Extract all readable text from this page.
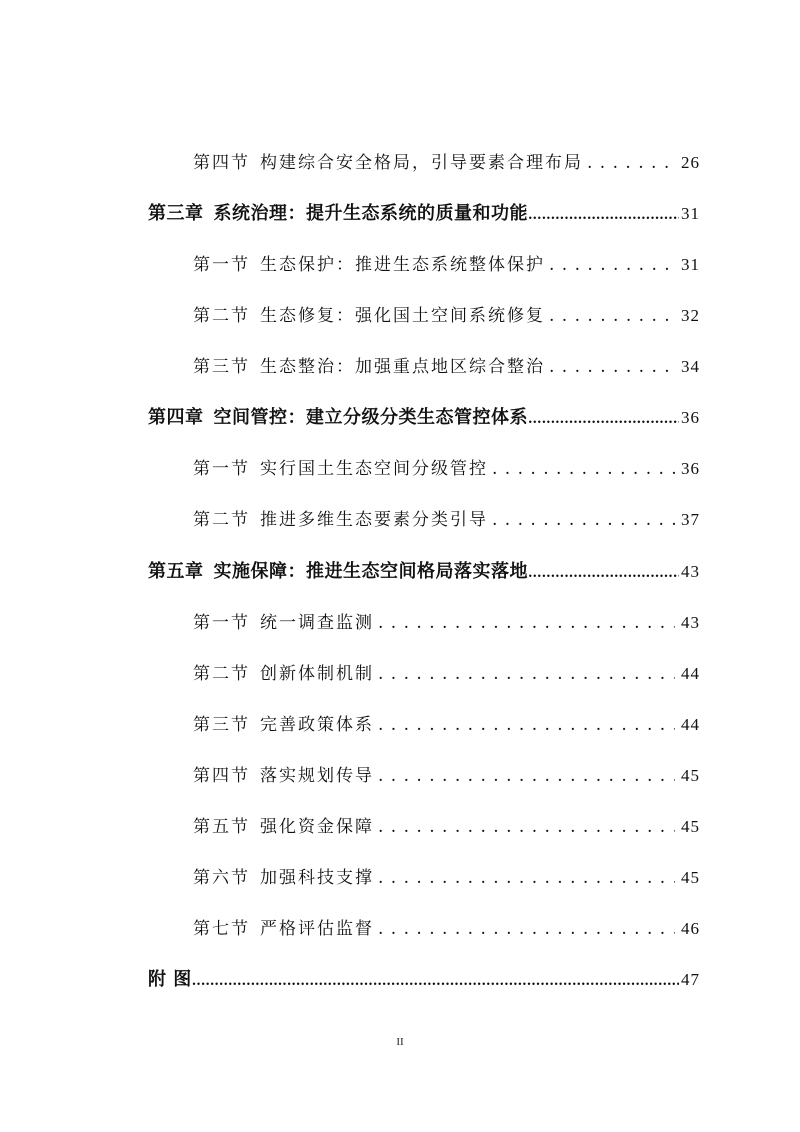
第四节 构建综合安全格局，引导要素合理布局 . . .	26
第三章 系统治理：提升生态系统的质量和功能 .....	31
第一节 生态保护：推进生态系统整体保护 . . .	31
第二节 生态修复：强化国土空间系统修复 . . .	32
第三节 生态整治：加强重点地区综合整治 . . .	34
第四章 空间管控：建立分级分类生态管控体系 .....	36
第一节 实行国土生态空间分级管控 . . .	36
第二节 推进多维生态要素分类引导 . . .	37
第五章 实施保障：推进生态空间格局落实落地 .....	43
第一节 统一调查监测 . . .	43
第二节 创新体制机制 . . .	44
第三节 完善政策体系 . . .	44
第四节 落实规划传导 . . .	45
第五节 强化资金保障 . . .	45
第六节 加强科技支撑 . . .	45
第七节 严格评估监督 . . .	46
附 图 .....	47
II
